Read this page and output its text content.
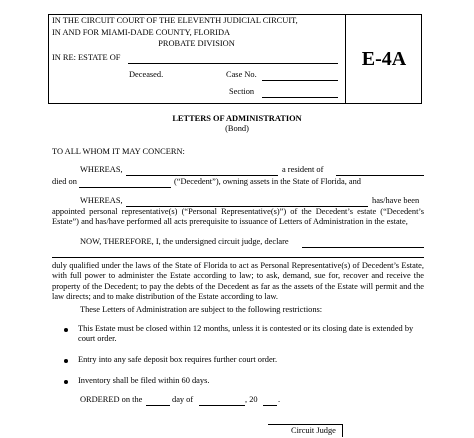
IN THE CIRCUIT COURT OF THE ELEVENTH JUDICIAL CIRCUIT,
IN AND FOR MIAMI-DADE COUNTY, FLORIDA
PROBATE DIVISION
IN RE: ESTATE OF
Deceased.	Case No.
Section
E-4A
LETTERS OF ADMINISTRATION
(Bond)
TO ALL WHOM IT MAY CONCERN:
WHEREAS,	a resident of
died on	(“Decedent”), owning assets in the State of Florida, and
WHEREAS,	has/have been
appointed personal representative(s) (“Personal Representative(s)”) of the Decedent’s estate (“Decedent’s Estate”) and has/have performed all acts prerequisite to issuance of Letters of Administration in the estate,
NOW, THEREFORE, I, the undersigned circuit judge, declare
duly qualified under the laws of the State of Florida to act as Personal Representative(s) of Decedent’s Estate, with full power to administer the Estate according to law; to ask, demand, sue for, recover and receive the property of the Decedent; to pay the debts of the Decedent as far as the assets of the Estate will permit and the law directs; and to make distribution of the Estate according to law.
These Letters of Administration are subject to the following restrictions:
This Estate must be closed within 12 months, unless it is contested or its closing date is extended by court order.
Entry into any safe deposit box requires further court order.
Inventory shall be filed within 60 days.
ORDERED on the	day of	, 20 .
Circuit Judge
